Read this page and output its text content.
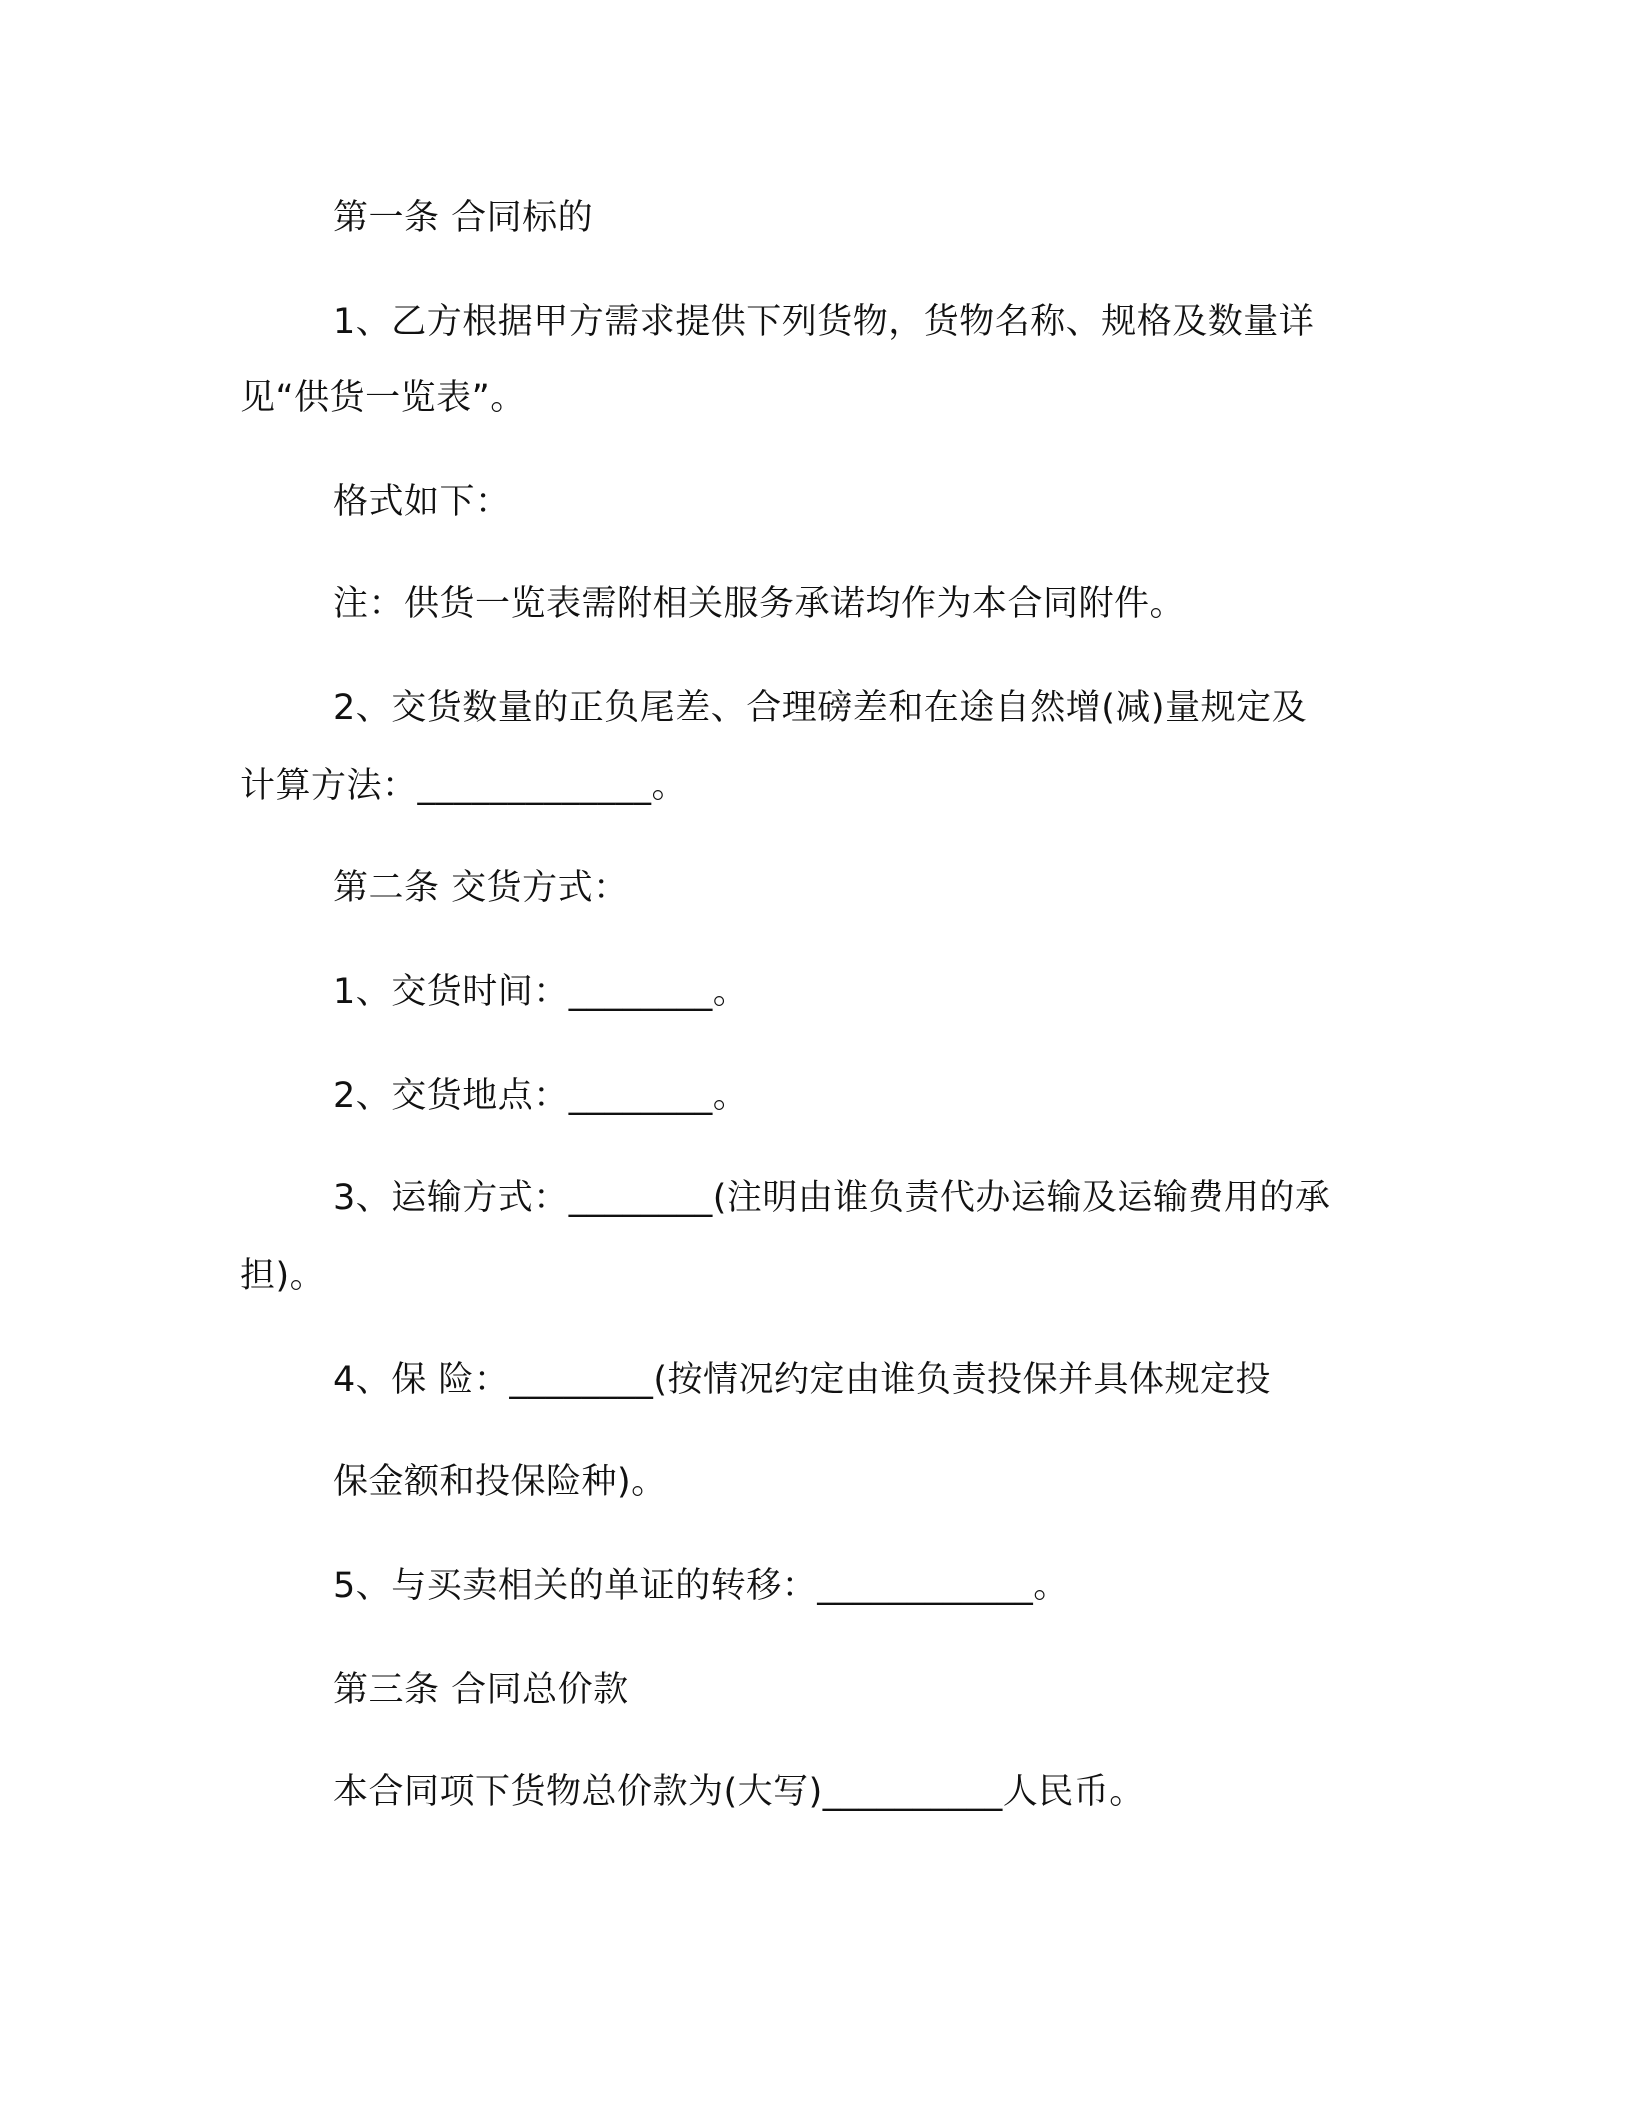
第一条 合同标的

1、乙方根据甲方需求提供下列货物，货物名称、规格及数量详

见“供货一览表”。

格式如下：

注：供货一览表需附相关服务承诺均作为本合同附件。

2、交货数量的正负尾差、合理磅差和在途自然增(减)量规定及

计算方法：_____________。

第二条 交货方式：

1、交货时间：________。

2、交货地点：________。

3、运输方式：________(注明由谁负责代办运输及运输费用的承

担)。

4、保 险：________(按情况约定由谁负责投保并具体规定投

保金额和投保险种)。

5、与买卖相关的单证的转移：____________。

第三条 合同总价款

本合同项下货物总价款为(大写)__________人民币。
